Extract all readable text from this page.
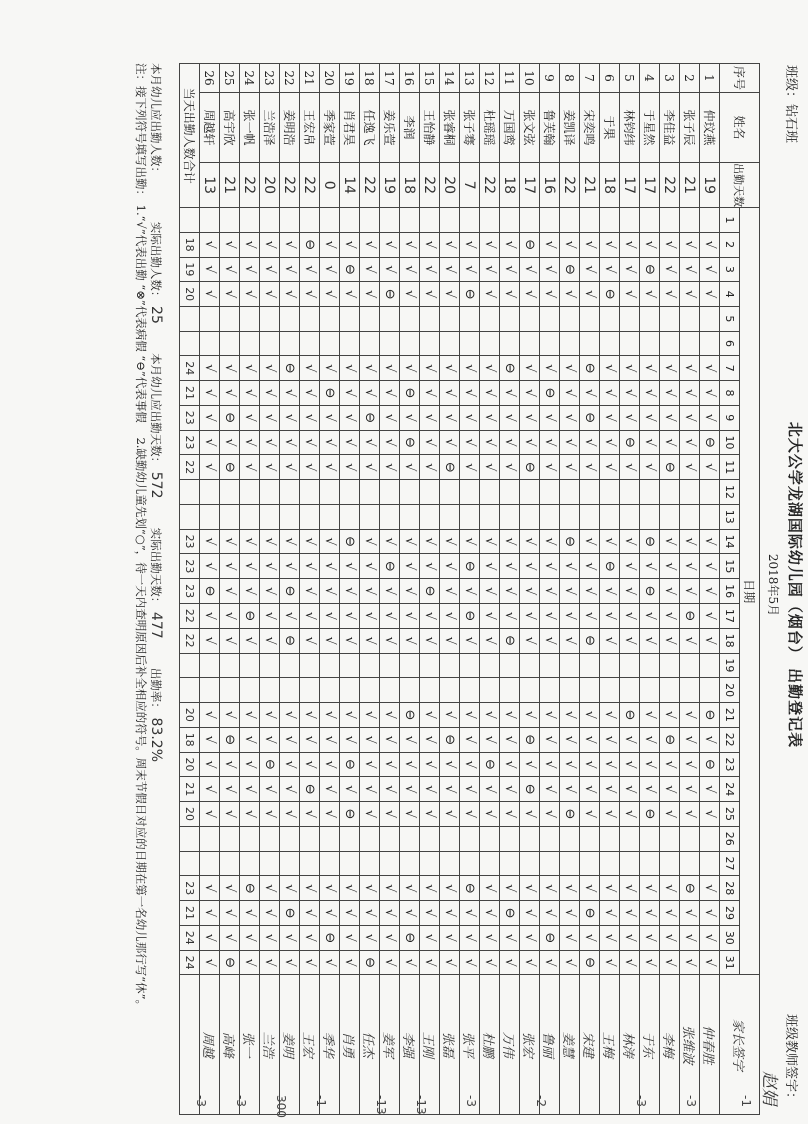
班级：钻石班
北大公学龙湖国际幼儿园（烟台） 出勤登记表
班级教师签字：
2018年5月
赵娟
序号	姓名	出勤天数	日期																															家长签字
			1	2	3	4	5	6	7	8	9	10	11	12	13	14	15	16	17	18	19	20	21	22	23	24	25	26	27	28	29	30	31	
1	仲玟燕	19		√	√	√			√	√	√	⊖	√			√	√	√	√	√			⊖	√	⊖	√	√			√	√	√	√	仲春胜
2	张子辰	21		√	√	√			√	√	√	√	√			√	√	√	⊖	√			√	√	√	√	√			⊖	√	√	√	张维波
3	李佳益	22		√	√	√			√	√	√	√	⊖			√	√	√	√	√			√	⊖	√	√	√			√	√	√	√	李梅
4	于星然	17		√	⊖	√			√	√	√	√	√			⊖	√	⊖	√	√			√	√	√	√	⊖			√	√	√	√	于东
5	林钧纬	17		√	√	√			√	√	√	⊖	√			√	√	√	√	√			⊖	√	√	√	√			√	√	√	√	林涛
6	于果	18		√	√	⊖			√	√	√	√	√			√	⊖	√	√	√			√	√	√	√	√			√	√	√	√	王梅
7	宋奕鸣	21		√	√	√			⊖	√	⊖	√	√			√	√	√	√	⊖			√	√	√	√	√			√	⊖	√	⊖	宋建
8	姜凯译	22		√	⊖	√			√	√	√	√	√			⊖	√	√	√	√			√	√	√	√	⊖			√	√	√	√	姜慧
9	鲁芙翰	16		√	√	√			√	⊖	√	√	√			√	√	√	√	√			√	√	√	√	√			√	√	⊖	√	鲁丽
10	张文弦	17		⊖	√	√			√	√	√	√	⊖			√	√	√	√	√			√	⊖	√	⊖	√			√	√	√	√	张宏
11	万国鸾	18		√	√	√			⊖	√	√	√	√			√	√	√	√	⊖			√	√	√	√	√			√	⊖	√	√	万伟
12	杜瑶瑶	22		√	√	√			√	√	√	√	√			√	√	√	√	√			√	√	⊖	√	√			√	√	√	√	杜鹏
13	张子骞	7		√	√	⊖			√	√	√	√	√			√	⊖	√	⊖	√			√	√	√	√	√			⊖	√	√	√	张平
14	张睿桐	20		√	√	√			√	√	√	√	⊖			√	√	√	√	√			√	⊖	√	√	√			√	√	√	√	张磊
15	王怡静	22		√	√	√			√	√	√	√	√			√	√	⊖	√	√			√	√	√	√	√			√	√	√	√	王刚
16	李润	18		√	√	√			√	⊖	√	⊖	√			√	√	√	√	√			⊖	√	√	√	√			√	√	⊖	√	李强
17	姜乐萱	19		√	√	⊖			√	√	√	√	√			√	⊖	√	√	√			√	√	√	√	√			√	√	√	√	姜军
18	任逸飞	22		√	√	√			√	√	⊖	√	√			√	√	√	√	√			√	√	√	√	√			√	√	√	⊖	任杰
19	肖君昊	14		√	⊖	√			√	√	√	√	√			⊖	√	√	√	√			√	√	⊖	√	⊖			√	√	√	√	肖勇
20	季家萱	0		√	√	√			√	⊖	√	√	√			√	√	√	√	√			√	√	√	√	√			√	√	⊖	√	季华
21	王宏帛	22		⊖	√	√			√	√	√	√	√			√	√	√	√	√			√	√	√	⊖	√			√	√	√	√	王宏
22	姜明浩	22		√	√	√			⊖	√	√	√	√			√	√	⊖	√	⊖			√	√	√	√	√			√	⊖	√	√	姜明
23	兰浩泽	20		√	√	√			√	√	√	√	√			√	√	√	√	√			√	√	⊖	√	√			√	√	√	√	兰浩
24	张一帆	22		√	√	√			√	√	√	√	√			√	√	√	⊖	√			√	√	√	√	√			⊖	√	√	√	张一
25	高宇欣	21		√	√	√			√	√	⊖	√	⊖			√	√	√	√	√			√	⊖	√	√	√			√	√	√	⊖	高峰
26	周越轩	13		√	√	√			√	√	√	√	√			√	√	⊖	√	√			√	√	√	√	√			√	√	√	√	周越
当天出勤人数合计				18	19	20			24	21	23	23	22			23	23	23	22	22			20	18	20	21	20			23	21	24	24	
本月幼儿应出勤人数：            实际出勤人数： 25        本月幼儿应出勤天数： 572        实际出勤天数： 477        出勤率： 83.2%
注：接下列符号填写出勤： 1.“√”代表出勤 “⊗”代表病假 “⊖”代表事假    2.缺勤幼儿童先划“○”，待一天内查明原因后补全相应的符号。周末节假日对应的日期在第一名幼儿那行写“休”。
-1
-3
-3
-2
-3
-13
-13
-1
-3
-3	300
